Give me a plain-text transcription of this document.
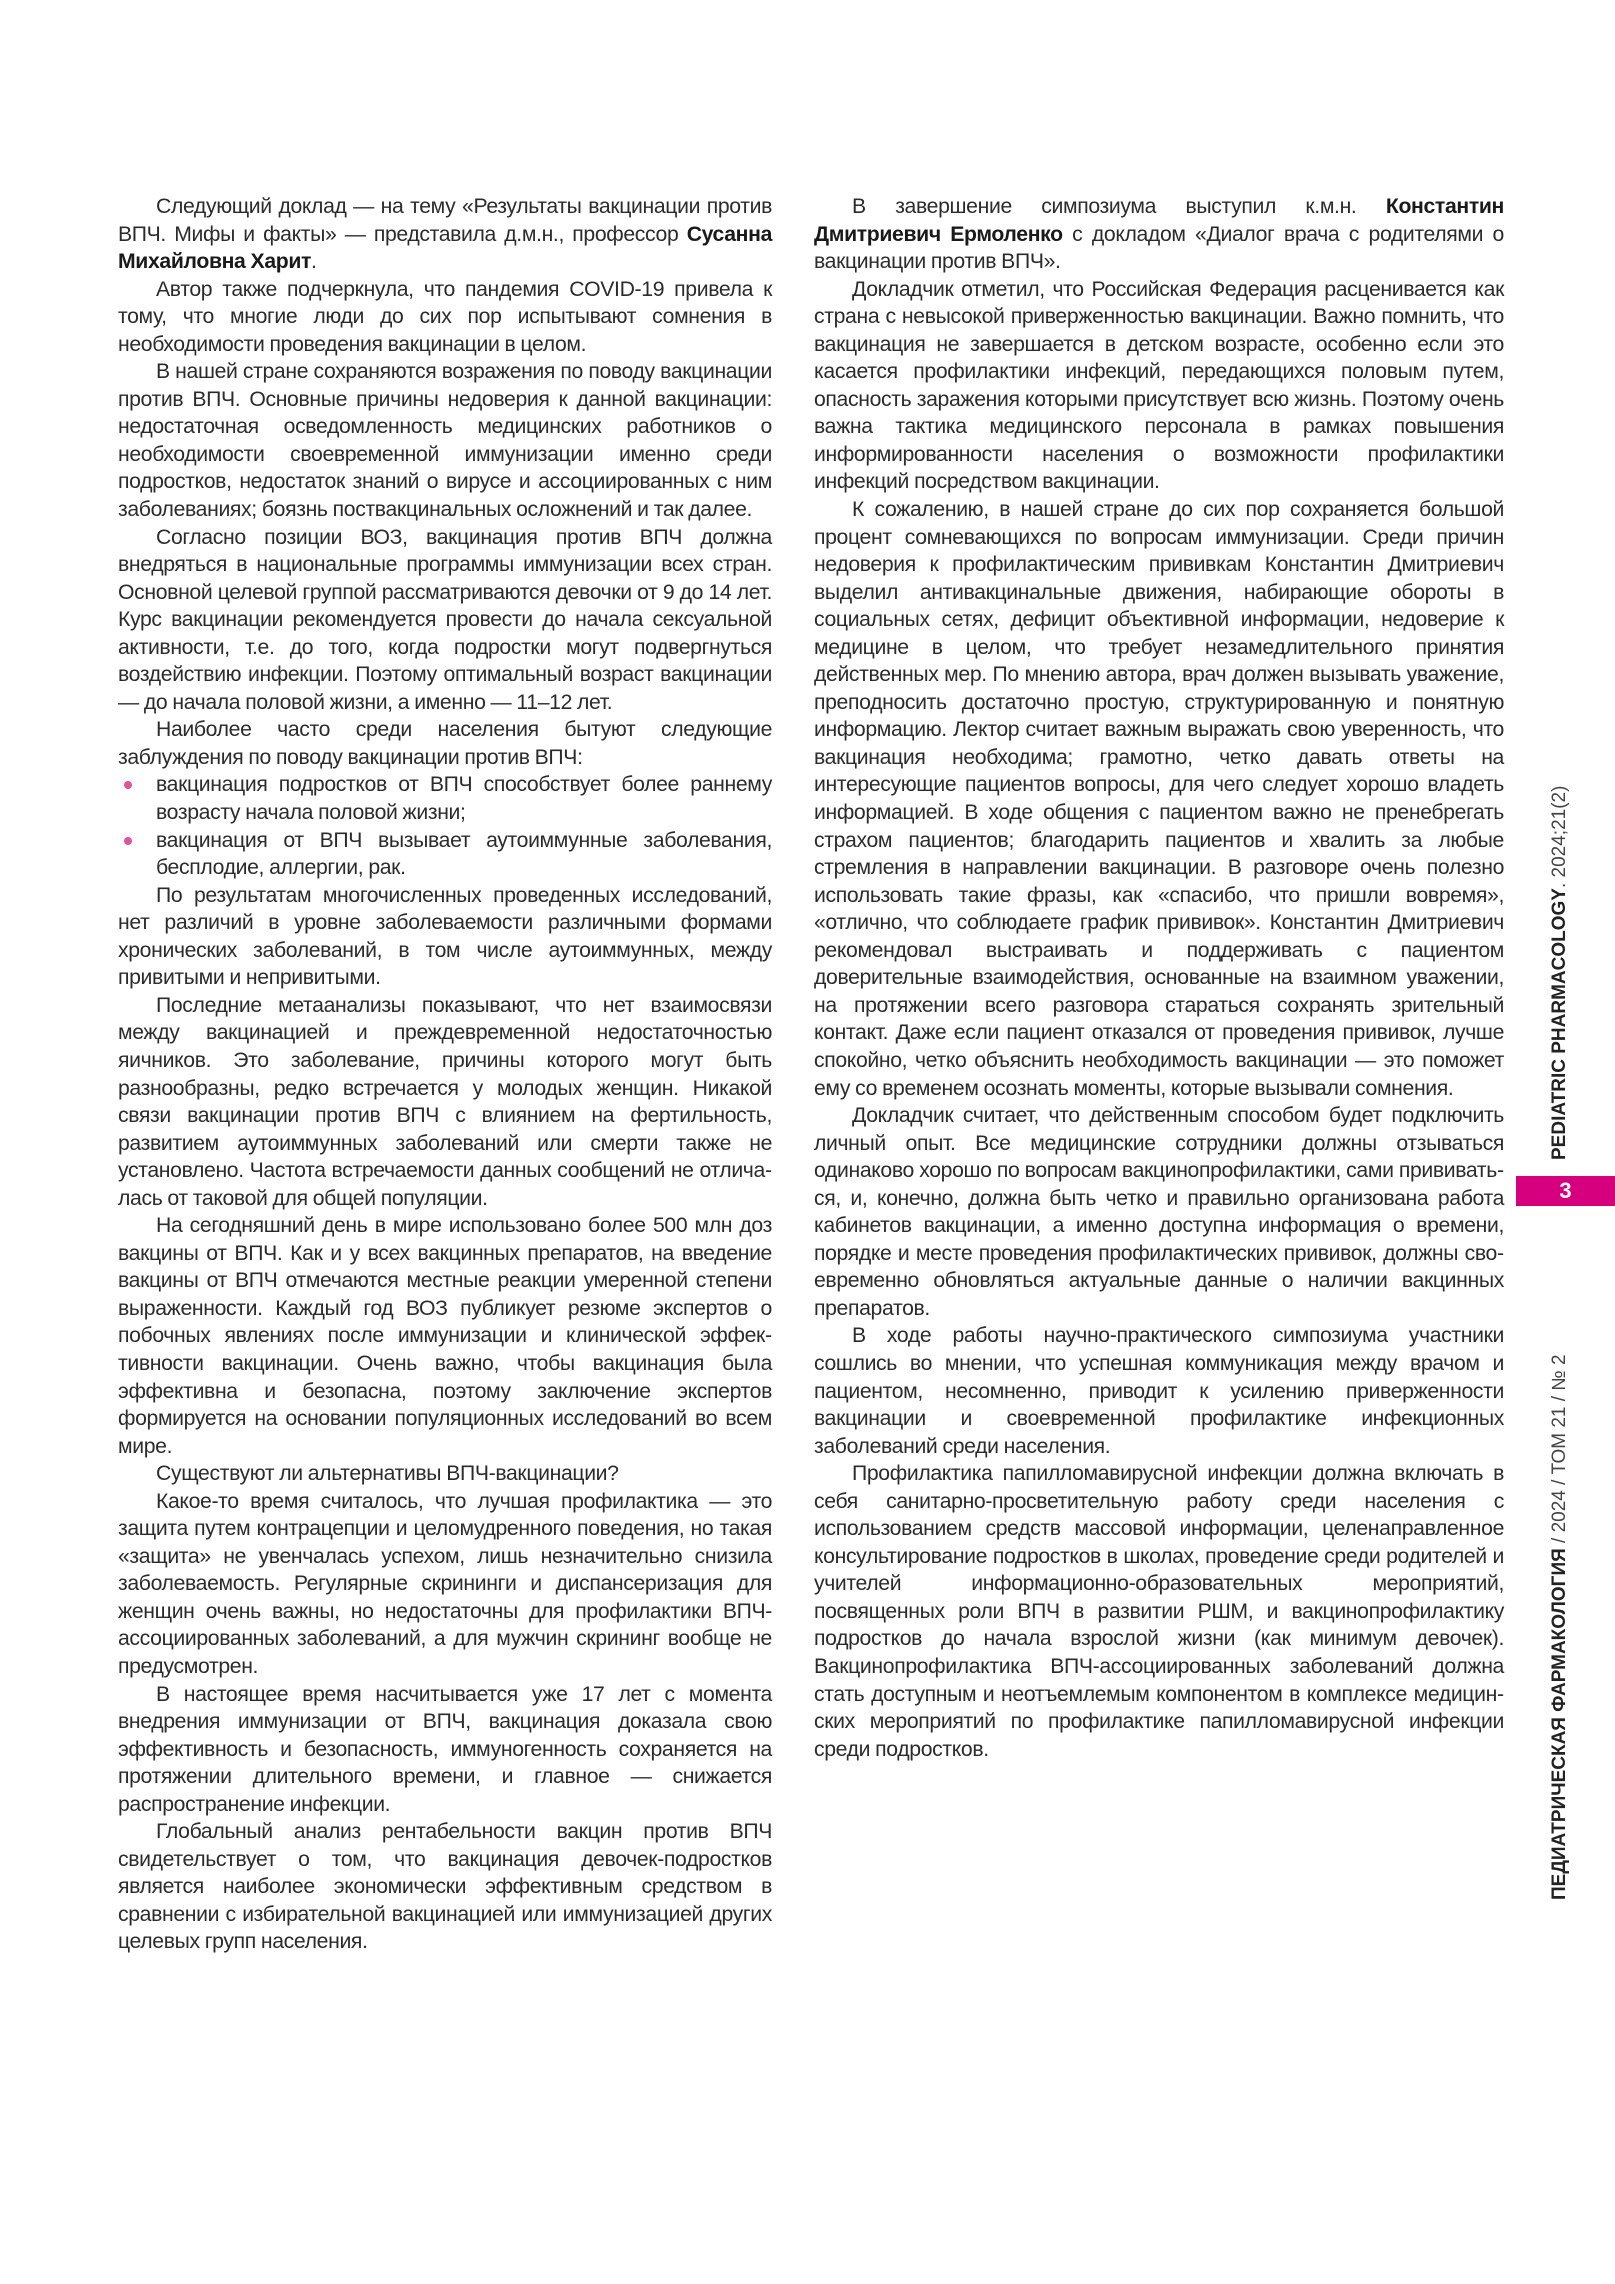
Следующий доклад — на тему «Результаты вакцинации против ВПЧ. Мифы и факты» — представила д.м.н., профессор Сусанна Михайловна Харит.

Автор также подчеркнула, что пандемия COVID-19 привела к тому, что многие люди до сих пор испытывают сомнения в необходимости проведения вакцинации в целом.

В нашей стране сохраняются возражения по поводу вакцинации против ВПЧ. Основные причины недоверия к данной вакцинации: недостаточная осведомленность медицинских работников о необходимости своевременной иммунизации именно среди подростков, недостаток знаний о вирусе и ассоциированных с ним заболеваниях; боязнь поствакцинальных осложнений и так далее.

Согласно позиции ВОЗ, вакцинация против ВПЧ должна внедряться в национальные программы иммунизации всех стран. Основной целевой группой рассматриваются девочки от 9 до 14 лет. Курс вакцинации рекомендуется провести до начала сексуальной активности, т.е. до того, когда подростки могут подвергнуться воздействию инфекции. Поэтому оптимальный возраст вакцинации — до начала половой жизни, а именно — 11–12 лет.

Наиболее часто среди населения бытуют следующие заблуждения по поводу вакцинации против ВПЧ:

вакцинация подростков от ВПЧ способствует более раннему возрасту начала половой жизни;
вакцинация от ВПЧ вызывает аутоиммунные заболевания, бесплодие, аллергии, рак.

По результатам многочисленных проведенных исследований, нет различий в уровне заболеваемости различными формами хронических заболеваний, в том числе аутоиммунных, между привитыми и непривитыми.

Последние метаанализы показывают, что нет взаимосвязи между вакцинацией и преждевременной недостаточностью яичников. Это заболевание, причины которого могут быть разнообразны, редко встречается у молодых женщин. Никакой связи вакцинации против ВПЧ с влиянием на фертильность, развитием аутоиммунных заболеваний или смерти также не установлено. Частота встречаемости данных сообщений не отличалась от таковой для общей популяции.

На сегодняшний день в мире использовано более 500 млн доз вакцины от ВПЧ. Как и у всех вакцинных препаратов, на введение вакцины от ВПЧ отмечаются местные реакции умеренной степени выраженности. Каждый год ВОЗ публикует резюме экспертов о побочных явлениях после иммунизации и клинической эффективности вакцинации. Очень важно, чтобы вакцинация была эффективна и безопасна, поэтому заключение экспертов формируется на основании популяционных исследований во всем мире.

Существуют ли альтернативы ВПЧ-вакцинации?

Какое-то время считалось, что лучшая профилактика — это защита путем контрацепции и целомудренного поведения, но такая «защита» не увенчалась успехом, лишь незначительно снизила заболеваемость. Регулярные скрининги и диспансеризация для женщин очень важны, но недостаточны для профилактики ВПЧ-ассоциированных заболеваний, а для мужчин скрининг вообще не предусмотрен.

В настоящее время насчитывается уже 17 лет с момента внедрения иммунизации от ВПЧ, вакцинация доказала свою эффективность и безопасность, иммуногенность сохраняется на протяжении длительного времени, и главное — снижается распространение инфекции.

Глобальный анализ рентабельности вакцин против ВПЧ свидетельствует о том, что вакцинация девочек-подростков является наиболее экономически эффективным средством в сравнении с избирательной вакцинацией или иммунизацией других целевых групп населения.

В завершение симпозиума выступил к.м.н. Константин Дмитриевич Ермоленко с докладом «Диалог врача с родителями о вакцинации против ВПЧ».

Докладчик отметил, что Российская Федерация расценивается как страна с невысокой приверженностью вакцинации. Важно помнить, что вакцинация не завершается в детском возрасте, особенно если это касается профилактики инфекций, передающихся половым путем, опасность заражения которыми присутствует всю жизнь. Поэтому очень важна тактика медицинского персонала в рамках повышения информированности населения о возможности профилактики инфекций посредством вакцинации.

К сожалению, в нашей стране до сих пор сохраняется большой процент сомневающихся по вопросам иммунизации. Среди причин недоверия к профилактическим прививкам Константин Дмитриевич выделил антивакцинальные движения, набирающие обороты в социальных сетях, дефицит объективной информации, недоверие к медицине в целом, что требует незамедлительного принятия действенных мер. По мнению автора, врач должен вызывать уважение, преподносить достаточно простую, структурированную и понятную информацию. Лектор считает важным выражать свою уверенность, что вакцинация необходима; грамотно, четко давать ответы на интересующие пациентов вопросы, для чего следует хорошо владеть информацией. В ходе общения с пациентом важно не пренебрегать страхом пациентов; благодарить пациентов и хвалить за любые стремления в направлении вакцинации. В разговоре очень полезно использовать такие фразы, как «спасибо, что пришли вовремя», «отлично, что соблюдаете график прививок». Константин Дмитриевич рекомендовал выстраивать и поддерживать с пациентом доверительные взаимодействия, основанные на взаимном уважении, на протяжении всего разговора стараться сохранять зрительный контакт. Даже если пациент отказался от проведения прививок, лучше спокойно, четко объяснить необходимость вакцинации — это поможет ему со временем осознать моменты, которые вызывали сомнения.

Докладчик считает, что действенным способом будет подключить личный опыт. Все медицинские сотрудники должны отзываться одинаково хорошо по вопросам вакцинопрофилактики, сами прививаться, и, конечно, должна быть четко и правильно организована работа кабинетов вакцинации, а именно доступна информация о времени, порядке и месте проведения профилактических прививок, должны своевременно обновляться актуальные данные о наличии вакцинных препаратов.

В ходе работы научно-практического симпозиума участники сошлись во мнении, что успешная коммуникация между врачом и пациентом, несомненно, приводит к усилению приверженности вакцинации и своевременной профилактике инфекционных заболеваний среди населения.

Профилактика папилломавирусной инфекции должна включать в себя санитарно-просветительную работу среди населения с использованием средств массовой информации, целенаправленное консультирование подростков в школах, проведение среди родителей и учителей информационно-образовательных мероприятий, посвященных роли ВПЧ в развитии РШМ, и вакцинопрофилактику подростков до начала взрослой жизни (как минимум девочек). Вакцинопрофилактика ВПЧ-ассоциированных заболеваний должна стать доступным и неотъемлемым компонентом в комплексе медицинских мероприятий по профилактике папилломавирусной инфекции среди подростков.

PEDIATRIC PHARMACOLOGY. 2024;21(2)
3
ПЕДИАТРИЧЕСКАЯ ФАРМАКОЛОГИЯ / 2024 / ТОМ 21 / № 2
